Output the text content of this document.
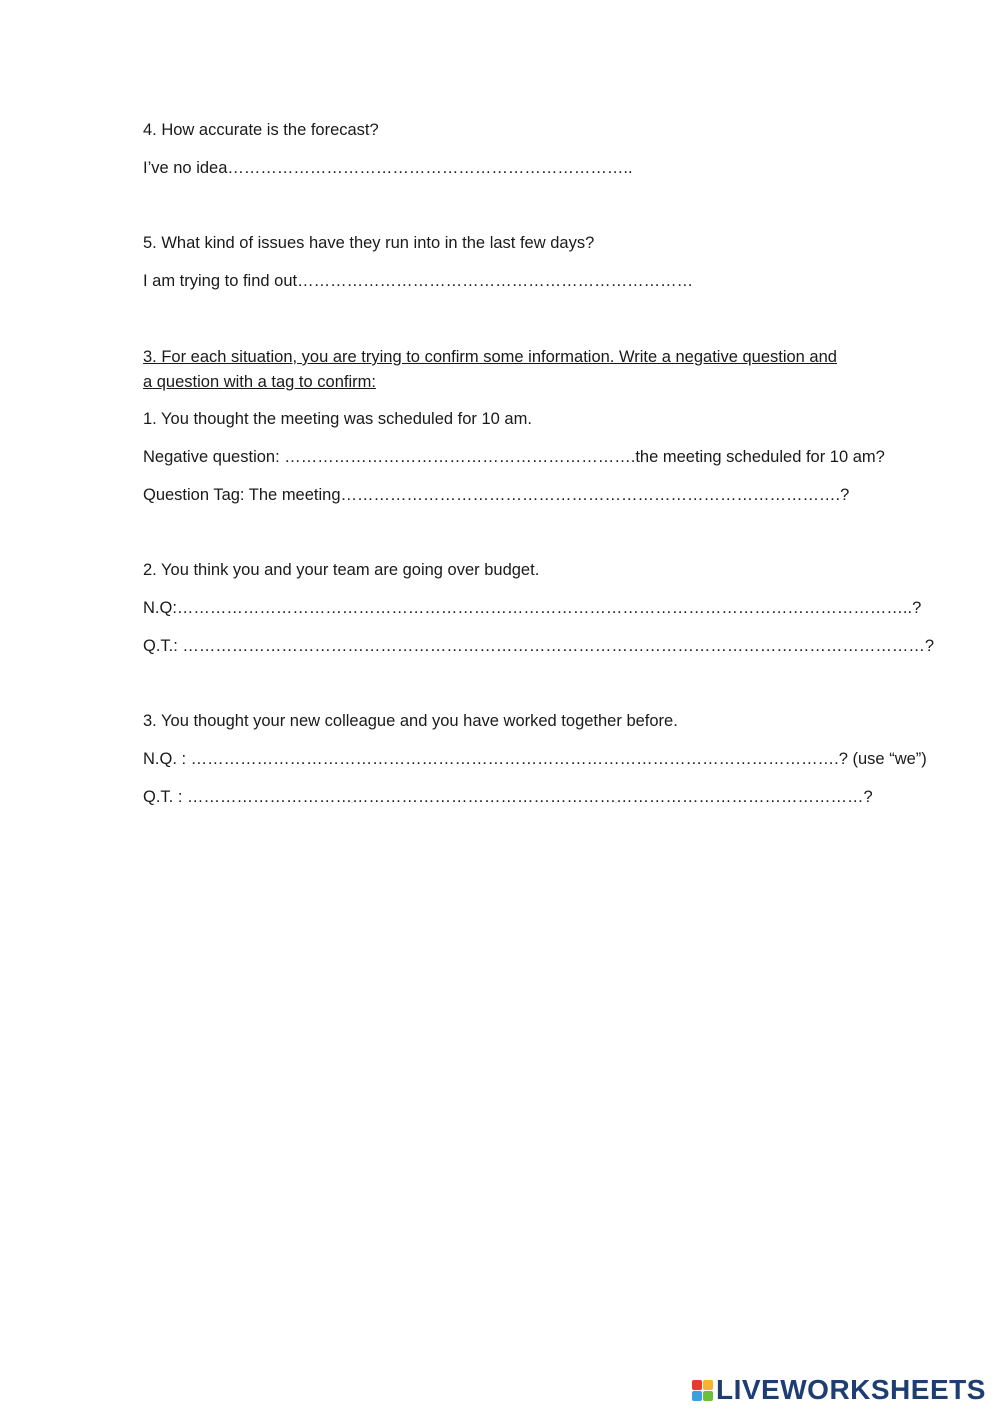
4. How accurate is the forecast?
I’ve no idea………………………………………………………………..
5. What kind of issues have they run into in the last few days?
I am trying to find out………………………………………………………………
3. For each situation, you are trying to confirm some information. Write a negative question and a question with a tag to confirm:
1. You thought the meeting was scheduled for 10 am.
Negative question: ……………………………………………………….the meeting scheduled for 10 am?
Question Tag: The meeting……………………………………………………………………………….?
2. You think you and your team are going over budget.
N.Q:……………………………………………………………………………………………………………………..?
Q.T.: ………………………………………………………………………………………………………………………?
3. You thought your new colleague and you have worked together before.
N.Q. : ……………………………………………………………………………………………………….? (use “we”)
Q.T. : ……………………………………………………………………………………………………………?
LIVEWORKSHEETS
